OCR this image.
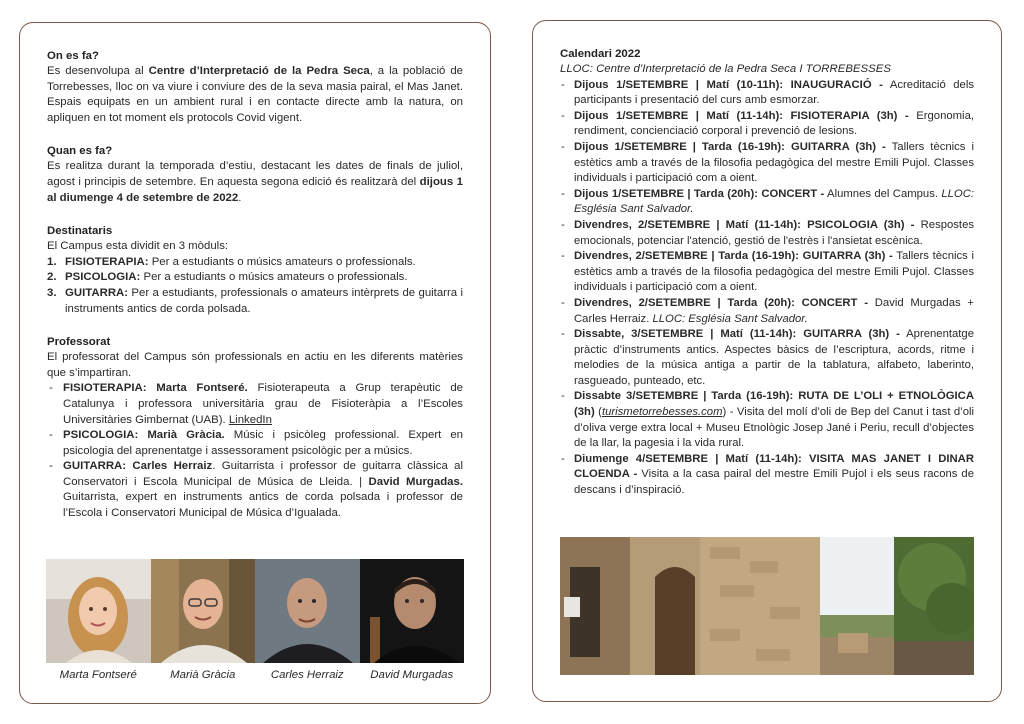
On es fa?

Es desenvolupa al Centre d’Interpretació de la Pedra Seca, a la població de Torrebesses, lloc on va viure i conviure des de la seva masia pairal, el Mas Janet. Espais equipats en un ambient rural i en contacte directe amb la natura, on apliquen en tot moment els protocols Covid vigent.

Quan es fa?

Es realitza durant la temporada d’estiu, destacant les dates de finals de juliol, agost i principis de setembre. En aquesta segona edició és realitzarà del dijous 1 al diumenge 4 de setembre de 2022.

Destinataris

El Campus esta dividit en 3 mòduls:

1. FISIOTERAPIA: Per a estudiants o músics amateurs o professionals.
2. PSICOLOGIA: Per a estudiants o músics amateurs o professionals.
3. GUITARRA: Per a estudiants, professionals o amateurs intèrprets de guitarra i instruments antics de corda polsada.

Professorat

El professorat del Campus són professionals en actiu en les diferents matèries que s’impartiran.

- FISIOTERAPIA: Marta Fontseré. Fisioterapeuta a Grup terapèutic de Catalunya i professora universitària grau de Fisioteràpia a l’Escoles Universitàries Gimbernat (UAB). LinkedIn
- PSICOLOGIA: Marià Gràcia. Músic i psicòleg professional. Expert en psicologia del aprenentatge i assessorament psicològic per a músics.
- GUITARRA: Carles Herraiz. Guitarrista i professor de guitarra clàssica al Conservatori i Escola Municipal de Música de Lleida. | David Murgadas. Guitarrista, expert en instruments antics de corda polsada i professor de l’Escola i Conservatori Municipal de Música d’Igualada.
Marta Fontseré	Marià Gràcia	Carles Herraiz	David Murgadas

Calendari 2022

LLOC: Centre d’Interpretació de la Pedra Seca I TORREBESSES

- Dijous 1/SETEMBRE | Matí (10-11h): INAUGURACIÓ - Acreditació dels participants i presentació del curs amb esmorzar.
- Dijous 1/SETEMBRE | Matí (11-14h): FISIOTERAPIA (3h) - Ergonomia, rendiment, concienciació corporal i prevenció de lesions.
- Dijous 1/SETEMBRE | Tarda (16-19h): GUITARRA (3h) - Tallers tècnics i estètics amb a través de la filosofia pedagògica del mestre Emili Pujol. Classes individuals i participació com a oient.
- Dijous 1/SETEMBRE | Tarda (20h): CONCERT - Alumnes del Campus. LLOC: Església Sant Salvador.
- Divendres, 2/SETEMBRE | Matí (11-14h): PSICOLOGIA (3h) - Respostes emocionals, potenciar l'atenció, gestió de l'estrès i l'ansietat escènica.
- Divendres, 2/SETEMBRE | Tarda (16-19h): GUITARRA (3h) - Tallers tècnics i estètics amb a través de la filosofia pedagògica del mestre Emili Pujol. Classes individuals i participació com a oient.
- Divendres, 2/SETEMBRE | Tarda (20h): CONCERT - David Murgadas + Carles Herraiz. LLOC: Església Sant Salvador.
- Dissabte, 3/SETEMBRE | Matí (11-14h): GUITARRA (3h) - Aprenentatge pràctic d’instruments antics. Aspectes bàsics de l’escriptura, acords, ritme i melodies de la música antiga a partir de la tablatura, alfabeto, laberinto, rasgueado, punteado, etc.
- Dissabte 3/SETEMBRE | Tarda (16-19h): RUTA DE L’OLI + ETNOLÒGICA (3h) (turismetorrebesses.com) - Visita del molí d’oli de Bep del Canut i tast d’oli d’oliva verge extra local + Museu Etnològic Josep Jané i Periu, recull d’objectes de la llar, la pagesia i la vida rural.
- Diumenge 4/SETEMBRE | Matí (11-14h): VISITA MAS JANET I DINAR CLOENDA - Visita a la casa pairal del mestre Emili Pujol i els seus racons de descans i d’inspiració.
